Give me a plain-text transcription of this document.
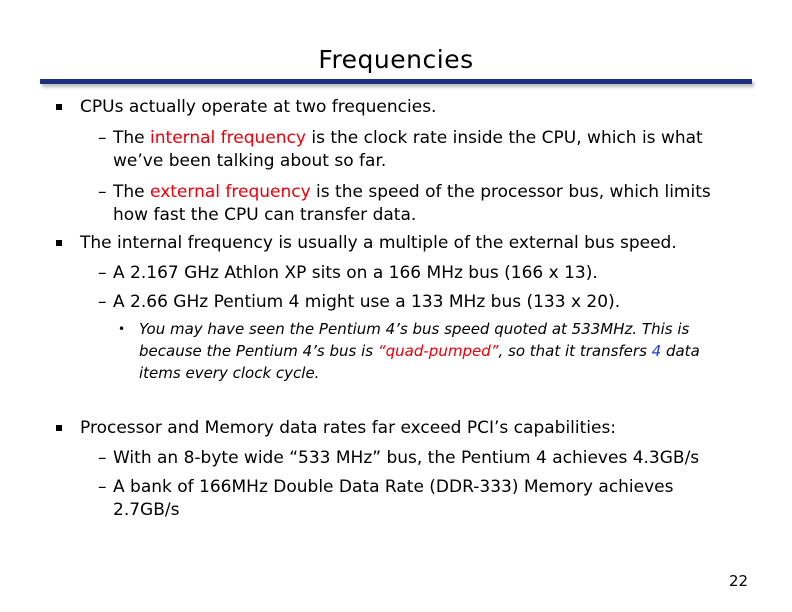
Frequencies
CPUs actually operate at two frequencies.
– The internal frequency is the clock rate inside the CPU, which is what
we’ve been talking about so far.
– The external frequency is the speed of the processor bus, which limits
how fast the CPU can transfer data.
The internal frequency is usually a multiple of the external bus speed.
– A 2.167 GHz Athlon XP sits on a 166 MHz bus (166 x 13).
– A 2.66 GHz Pentium 4 might use a 133 MHz bus (133 x 20).
• You may have seen the Pentium 4’s bus speed quoted at 533MHz. This is
because the Pentium 4’s bus is “quad-pumped”, so that it transfers 4 data
items every clock cycle.
Processor and Memory data rates far exceed PCI’s capabilities:
– With an 8-byte wide “533 MHz” bus, the Pentium 4 achieves 4.3GB/s
– A bank of 166MHz Double Data Rate (DDR-333) Memory achieves
2.7GB/s
22
